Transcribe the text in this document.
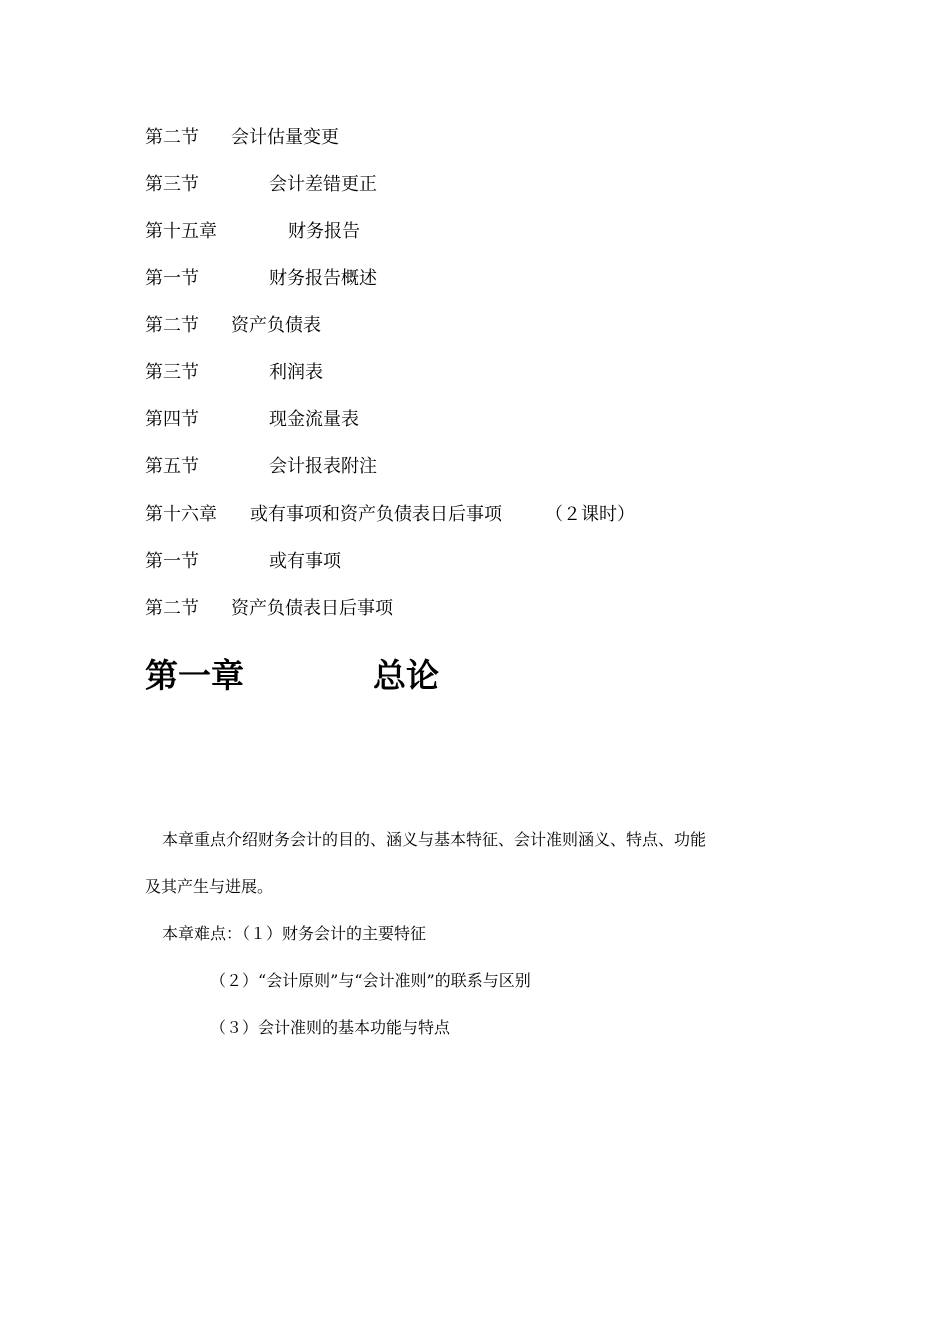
第二节 会计估量变更
第三节	会计差错更正
第十五章	财务报告
第一节	财务报告概述
第二节 资产负债表
第三节	利润表
第四节	现金流量表
第五节	会计报表附注
第十六章 或有事项和资产负债表日后事项 （２课时）
第一节	或有事项
第二节 资产负债表日后事项
第一章	总论
本章重点介绍财务会计的目的、涵义与基本特征、会计准则涵义、特点、功能
及其产生与进展。
本章难点：（１）财务会计的主要特征
（２）“会计原则”与“会计准则”的联系与区别
（３）会计准则的基本功能与特点
